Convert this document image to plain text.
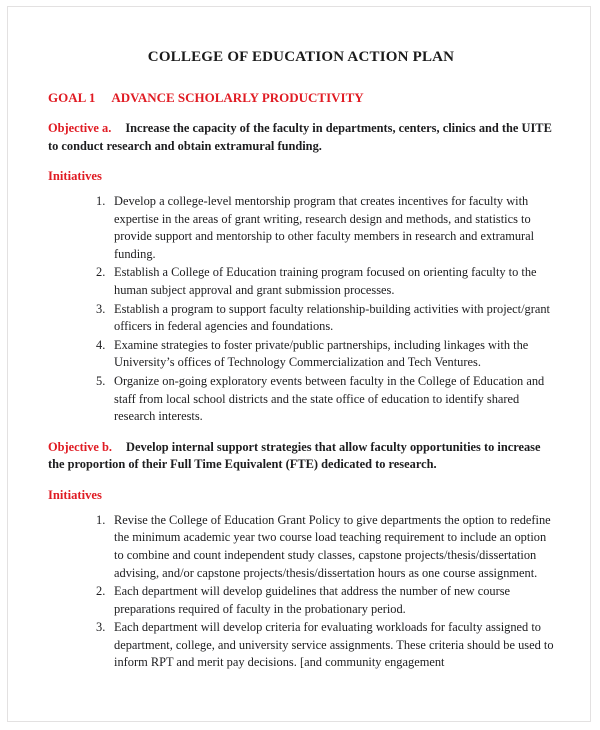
COLLEGE OF EDUCATION ACTION PLAN
GOAL 1 ADVANCE SCHOLARLY PRODUCTIVITY

Objective a. Increase the capacity of the faculty in departments, centers, clinics and the UITE to conduct research and obtain extramural funding.

Initiatives
Develop a college-level mentorship program that creates incentives for faculty with expertise in the areas of grant writing, research design and methods, and statistics to provide support and mentorship to other faculty members in research and extramural funding.
Establish a College of Education training program focused on orienting faculty to the human subject approval and grant submission processes.
Establish a program to support faculty relationship-building activities with project/grant officers in federal agencies and foundations.
Examine strategies to foster private/public partnerships, including linkages with the University’s offices of Technology Commercialization and Tech Ventures.
Organize on-going exploratory events between faculty in the College of Education and staff from local school districts and the state office of education to identify shared research interests.

Objective b. Develop internal support strategies that allow faculty opportunities to increase the proportion of their Full Time Equivalent (FTE) dedicated to research.

Initiatives
Revise the College of Education Grant Policy to give departments the option to redefine the minimum academic year two course load teaching requirement to include an option to combine and count independent study classes, capstone projects/thesis/dissertation advising, and/or capstone projects/thesis/dissertation hours as one course assignment.
Each department will develop guidelines that address the number of new course preparations required of faculty in the probationary period.
Each department will develop criteria for evaluating workloads for faculty assigned to department, college, and university service assignments. These criteria should be used to inform RPT and merit pay decisions. [and community engagement
